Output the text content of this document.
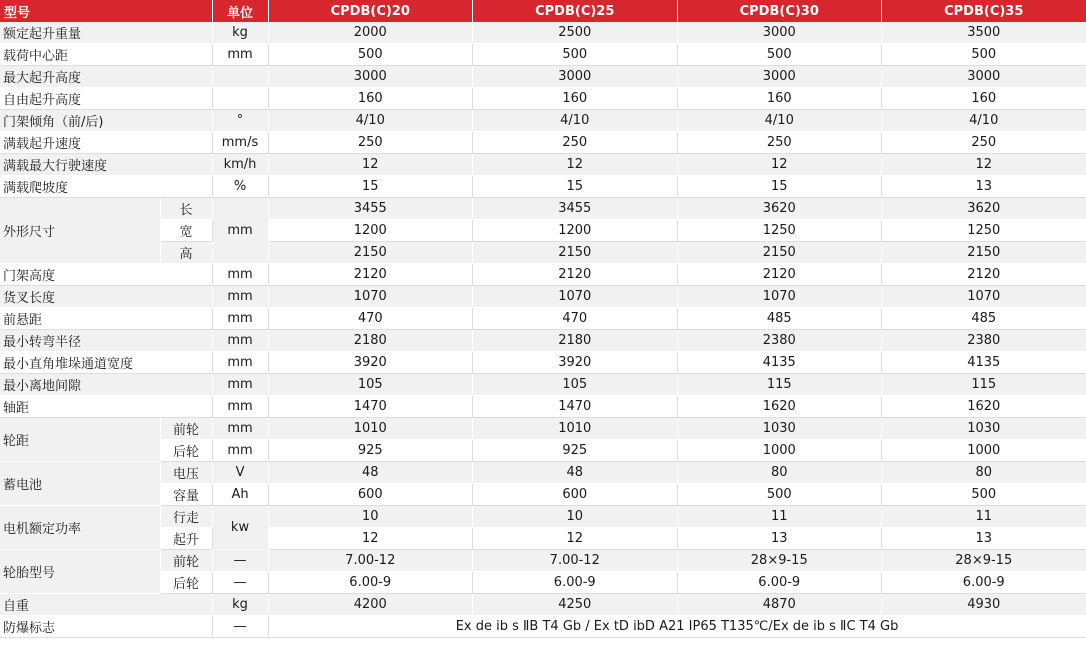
型号		单位	CPDB(C)20	CPDB(C)25	CPDB(C)30	CPDB(C)35
额定起升重量		kg	2000	2500	3000	3500
载荷中心距		mm	500	500	500	500
最大起升高度			3000	3000	3000	3000
自由起升高度			160	160	160	160
门架倾角（前/后)		°	4/10	4/10	4/10	4/10
满载起升速度		mm/s	250	250	250	250
满载最大行驶速度		km/h	12	12	12	12
满载爬坡度		%	15	15	15	13
外形尺寸	长	mm	3455	3455	3620	3620
	宽		1200	1200	1250	1250
	高		2150	2150	2150	2150
门架高度		mm	2120	2120	2120	2120
货叉长度		mm	1070	1070	1070	1070
前悬距		mm	470	470	485	485
最小转弯半径		mm	2180	2180	2380	2380
最小直角堆垛通道宽度		mm	3920	3920	4135	4135
最小离地间隙		mm	105	105	115	115
轴距		mm	1470	1470	1620	1620
轮距	前轮	mm	1010	1010	1030	1030
	后轮	mm	925	925	1000	1000
蓄电池	电压	V	48	48	80	80
	容量	Ah	600	600	500	500
电机额定功率	行走	kw	10	10	11	11
	起升		12	12	13	13
轮胎型号	前轮	—	7.00-12	7.00-12	28×9-15	28×9-15
	后轮	—	6.00-9	6.00-9	6.00-9	6.00-9
自重		kg	4200	4250	4870	4930
防爆标志		—	Ex de ib s ⅡB T4 Gb / Ex tD ibD A21 IP65 T135℃/Ex de ib s ⅡC T4 Gb			
